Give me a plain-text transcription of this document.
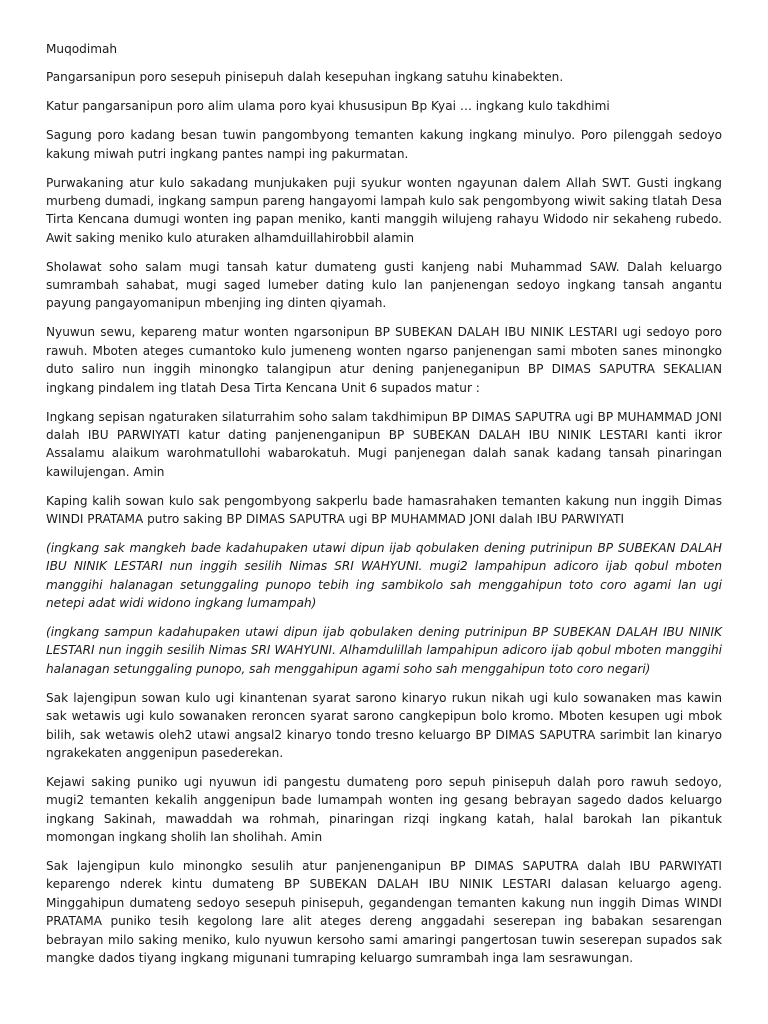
Muqodimah

Pangarsanipun poro sesepuh pinisepuh dalah kesepuhan ingkang satuhu kinabekten.

Katur pangarsanipun poro alim ulama poro kyai khususipun Bp Kyai … ingkang kulo takdhimi

Sagung poro kadang besan tuwin pangombyong temanten kakung ingkang minulyo. Poro pilenggah sedoyo kakung miwah putri ingkang pantes nampi ing pakurmatan.

Purwakaning atur kulo sakadang munjukaken puji syukur wonten ngayunan dalem Allah SWT. Gusti ingkang murbeng dumadi, ingkang sampun pareng hangayomi lampah kulo sak pengombyong wiwit saking tlatah Desa Tirta Kencana dumugi wonten ing papan meniko, kanti manggih wilujeng rahayu Widodo nir sekaheng rubedo. Awit saking meniko kulo aturaken alhamduillahirobbil alamin

Sholawat soho salam mugi tansah katur dumateng gusti kanjeng nabi Muhammad SAW. Dalah keluargo sumrambah sahabat, mugi saged lumeber dating kulo lan panjenengan sedoyo ingkang tansah angantu payung pangayomanipun mbenjing ing dinten qiyamah.

Nyuwun sewu, kepareng matur wonten ngarsonipun BP SUBEKAN DALAH IBU NINIK LESTARI ugi sedoyo poro rawuh. Mboten ateges cumantoko kulo jumeneng wonten ngarso panjenengan sami mboten sanes minongko duto saliro nun inggih minongko talangipun atur dening panjeneganipun BP DIMAS SAPUTRA SEKALIAN ingkang pindalem ing tlatah Desa Tirta Kencana Unit 6 supados matur :

Ingkang sepisan ngaturaken silaturrahim soho salam takdhimipun BP DIMAS SAPUTRA ugi BP MUHAMMAD JONI dalah IBU PARWIYATI katur dating panjenenganipun BP SUBEKAN DALAH IBU NINIK LESTARI kanti ikror Assalamu alaikum warohmatullohi wabarokatuh. Mugi panjenegan dalah sanak kadang tansah pinaringan kawilujengan. Amin

Kaping kalih sowan kulo sak pengombyong sakperlu bade hamasrahaken temanten kakung nun inggih Dimas WINDI PRATAMA putro saking BP DIMAS SAPUTRA ugi BP MUHAMMAD JONI dalah IBU PARWIYATI

(ingkang sak mangkeh bade kadahupaken utawi dipun ijab qobulaken dening putrinipun BP SUBEKAN DALAH IBU NINIK LESTARI nun inggih sesilih Nimas SRI WAHYUNI. mugi2 lampahipun adicoro ijab qobul mboten manggihi halanagan setunggaling punopo tebih ing sambikolo sah menggahipun toto coro agami lan ugi netepi adat widi widono ingkang lumampah)

(ingkang sampun kadahupaken utawi dipun ijab qobulaken dening putrinipun BP SUBEKAN DALAH IBU NINIK LESTARI nun inggih sesilih Nimas SRI WAHYUNI. Alhamdulillah lampahipun adicoro ijab qobul mboten manggihi halanagan setunggaling punopo, sah menggahipun agami soho sah menggahipun toto coro negari)

Sak lajengipun sowan kulo ugi kinantenan syarat sarono kinaryo rukun nikah ugi kulo sowanaken mas kawin sak wetawis ugi kulo sowanaken reroncen syarat sarono cangkepipun bolo kromo. Mboten kesupen ugi mbok bilih, sak wetawis oleh2 utawi angsal2 kinaryo tondo tresno keluargo BP DIMAS SAPUTRA sarimbit lan kinaryo ngrakekaten anggenipun pasederekan.

Kejawi saking puniko ugi nyuwun idi pangestu dumateng poro sepuh pinisepuh dalah poro rawuh sedoyo, mugi2 temanten kekalih anggenipun bade lumampah wonten ing gesang bebrayan sagedo dados keluargo ingkang Sakinah, mawaddah wa rohmah, pinaringan rizqi ingkang katah, halal barokah lan pikantuk momongan ingkang sholih lan sholihah. Amin

Sak lajengipun kulo minongko sesulih atur panjenenganipun BP DIMAS SAPUTRA dalah IBU PARWIYATI keparengo nderek kintu dumateng BP SUBEKAN DALAH IBU NINIK LESTARI dalasan keluargo ageng. Minggahipun dumateng sedoyo sesepuh pinisepuh, gegandengan temanten kakung nun inggih Dimas WINDI PRATAMA puniko tesih kegolong lare alit ateges dereng anggadahi seserepan ing babakan sesarengan bebrayan milo saking meniko, kulo nyuwun kersoho sami amaringi pangertosan tuwin seserepan supados sak mangke dados tiyang ingkang migunani tumraping keluargo sumrambah inga lam sesrawungan.
